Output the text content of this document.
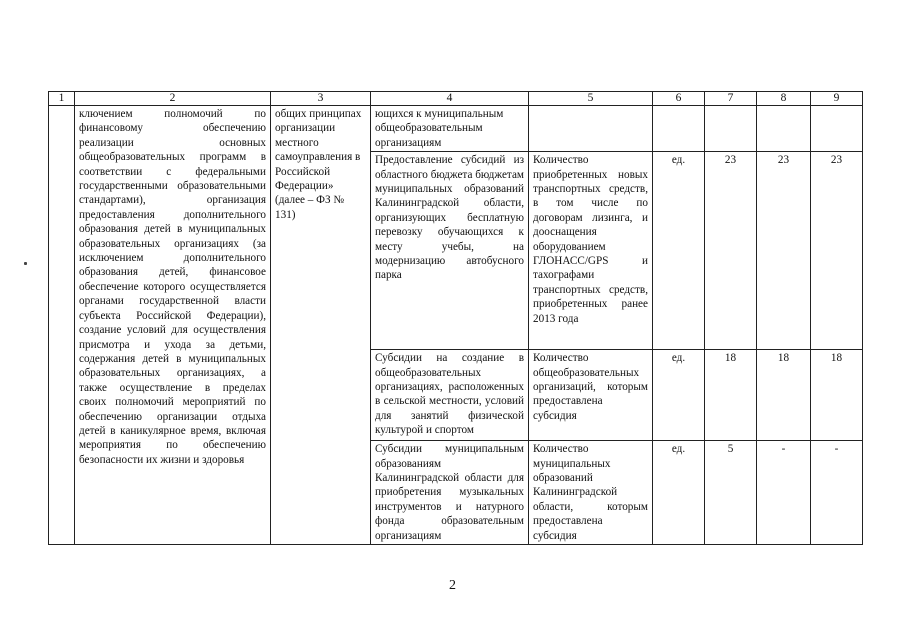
1	2	3	4	5	6	7	8	9
	ключением полномочий по финансовому обеспечению реализации основных общеобразовательных программ в соответствии с федеральными государственными образовательными стандартами), организация предоставления дополнительного образования детей в муниципальных образовательных организациях (за исключением дополнительного образования детей, финансовое обеспечение которого осуществляется органами государственной власти субъекта Российской Федерации), создание условий для осуществления присмотра и ухода за детьми, содержания детей в муниципальных образовательных организациях, а также осуществление в пределах своих полномочий мероприятий по обеспечению организации отдыха детей в каникулярное время, включая мероприятия по обеспечению безопасности их жизни и здоровья	общих принципах организации местного самоуправления в Российской Федерации» (далее – ФЗ № 131)	ющихся к муниципальным общеобразовательным организациям					
			Предоставление субсидий из областного бюджета бюджетам муниципальных образований Калининградской области, организующих бесплатную перевозку обучающихся к месту учебы, на модернизацию автобусного парка	Количество приобретенных новых транспортных средств, в том числе по договорам лизинга, и дооснащения оборудованием ГЛОНАСС/GPS и тахографами транспортных средств, приобретенных ранее 2013 года	ед.	23	23	23
			Субсидии на создание в общеобразовательных организациях, расположенных в сельской местности, условий для занятий физической культурой и спортом	Количество общеобразовательных организаций, которым предоставлена субсидия	ед.	18	18	18
			Субсидии муниципальным образованиям Калининградской области для приобретения музыкальных инструментов и натурного фонда образовательным организациям	Количество муниципальных образований Калининградской области, которым предоставлена субсидия	ед.	5	-	-
2
